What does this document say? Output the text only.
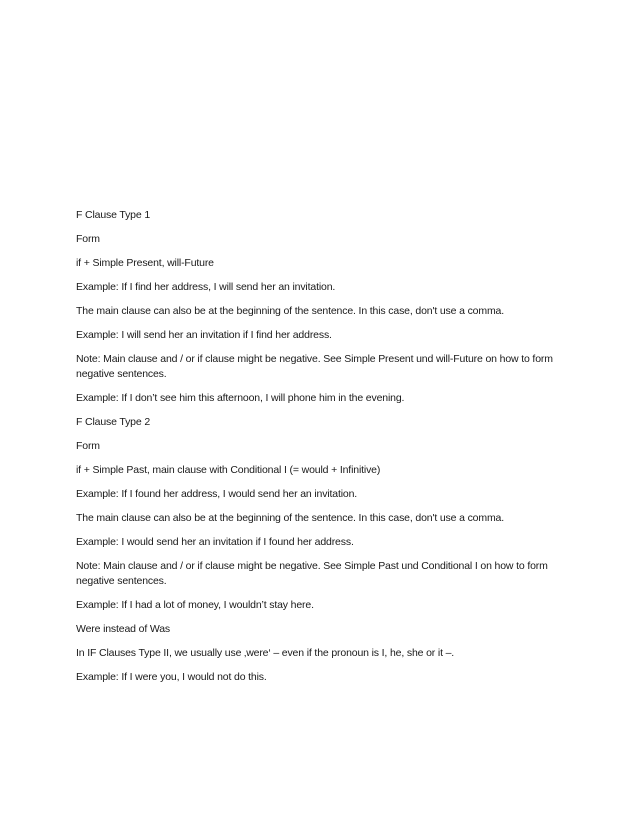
F Clause Type 1

Form

if + Simple Present, will-Future

Example: If I find her address, I will send her an invitation.

The main clause can also be at the beginning of the sentence. In this case, don't use a comma.

Example: I will send her an invitation if I find her address.

Note: Main clause and / or if clause might be negative. See Simple Present und will-Future on how to form negative sentences.

Example: If I don’t see him this afternoon, I will phone him in the evening.

F Clause Type 2

Form

if + Simple Past, main clause with Conditional I (= would + Infinitive)

Example: If I found her address, I would send her an invitation.

The main clause can also be at the beginning of the sentence. In this case, don't use a comma.

Example: I would send her an invitation if I found her address.

Note: Main clause and / or if clause might be negative. See Simple Past und Conditional I on how to form negative sentences.

Example: If I had a lot of money, I wouldn’t stay here.

Were instead of Was

In IF Clauses Type II, we usually use ‚were‘ – even if the pronoun is I, he, she or it –.

Example: If I were you, I would not do this.
